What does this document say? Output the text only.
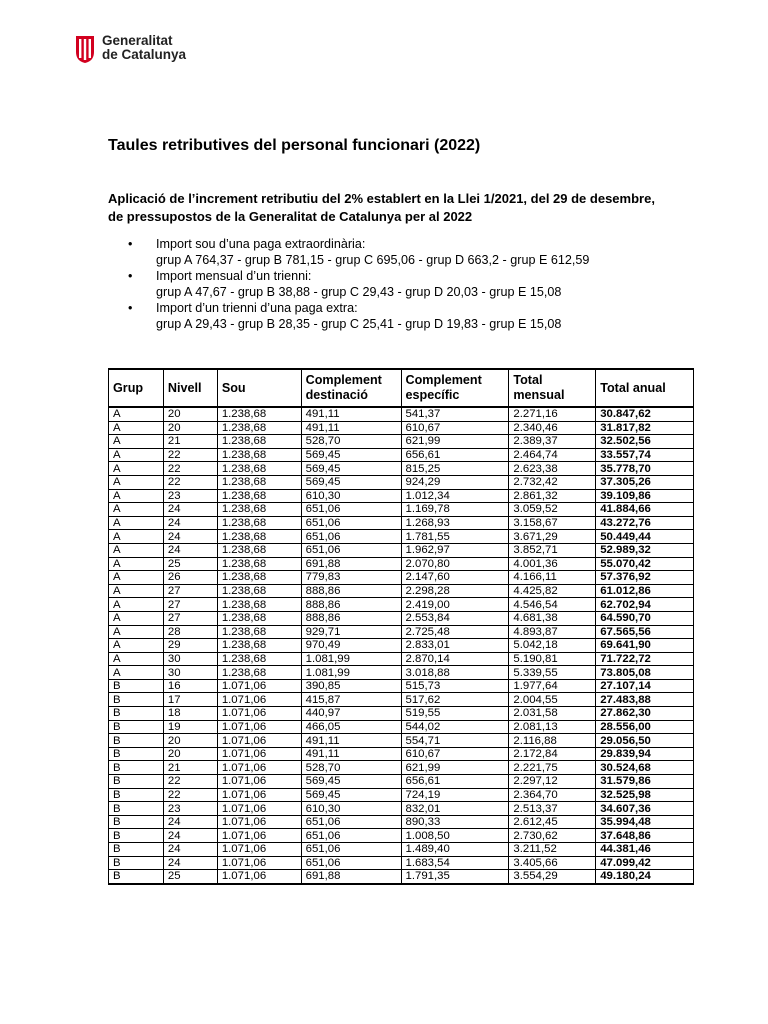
Generalitat
de Catalunya
Taules retributives del personal funcionari (2022)
Aplicació de l’increment retributiu del 2% establert en la Llei 1/2021, del 29 de desembre, de pressupostos de la Generalitat de Catalunya per al 2022
• Import sou d’una paga extraordinària:
grup A 764,37 - grup B 781,15 - grup C 695,06 - grup D 663,2 - grup E 612,59
• Import mensual d’un trienni:
grup A 47,67 - grup B 38,88 - grup C 29,43 - grup D 20,03 - grup E 15,08
• Import d’un trienni d’una paga extra:
grup A 29,43 - grup B 28,35 - grup C 25,41 - grup D 19,83 - grup E 15,08
Grup	Nivell	Sou	Complement destinació	Complement específic	Total mensual	Total anual
A	20	1.238,68	491,11	541,37	2.271,16	30.847,62
A	20	1.238,68	491,11	610,67	2.340,46	31.817,82
A	21	1.238,68	528,70	621,99	2.389,37	32.502,56
A	22	1.238,68	569,45	656,61	2.464,74	33.557,74
A	22	1.238,68	569,45	815,25	2.623,38	35.778,70
A	22	1.238,68	569,45	924,29	2.732,42	37.305,26
A	23	1.238,68	610,30	1.012,34	2.861,32	39.109,86
A	24	1.238,68	651,06	1.169,78	3.059,52	41.884,66
A	24	1.238,68	651,06	1.268,93	3.158,67	43.272,76
A	24	1.238,68	651,06	1.781,55	3.671,29	50.449,44
A	24	1.238,68	651,06	1.962,97	3.852,71	52.989,32
A	25	1.238,68	691,88	2.070,80	4.001,36	55.070,42
A	26	1.238,68	779,83	2.147,60	4.166,11	57.376,92
A	27	1.238,68	888,86	2.298,28	4.425,82	61.012,86
A	27	1.238,68	888,86	2.419,00	4.546,54	62.702,94
A	27	1.238,68	888,86	2.553,84	4.681,38	64.590,70
A	28	1.238,68	929,71	2.725,48	4.893,87	67.565,56
A	29	1.238,68	970,49	2.833,01	5.042,18	69.641,90
A	30	1.238,68	1.081,99	2.870,14	5.190,81	71.722,72
A	30	1.238,68	1.081,99	3.018,88	5.339,55	73.805,08
B	16	1.071,06	390,85	515,73	1.977,64	27.107,14
B	17	1.071,06	415,87	517,62	2.004,55	27.483,88
B	18	1.071,06	440,97	519,55	2.031,58	27.862,30
B	19	1.071,06	466,05	544,02	2.081,13	28.556,00
B	20	1.071,06	491,11	554,71	2.116,88	29.056,50
B	20	1.071,06	491,11	610,67	2.172,84	29.839,94
B	21	1.071,06	528,70	621,99	2.221,75	30.524,68
B	22	1.071,06	569,45	656,61	2.297,12	31.579,86
B	22	1.071,06	569,45	724,19	2.364,70	32.525,98
B	23	1.071,06	610,30	832,01	2.513,37	34.607,36
B	24	1.071,06	651,06	890,33	2.612,45	35.994,48
B	24	1.071,06	651,06	1.008,50	2.730,62	37.648,86
B	24	1.071,06	651,06	1.489,40	3.211,52	44.381,46
B	24	1.071,06	651,06	1.683,54	3.405,66	47.099,42
B	25	1.071,06	691,88	1.791,35	3.554,29	49.180,24
